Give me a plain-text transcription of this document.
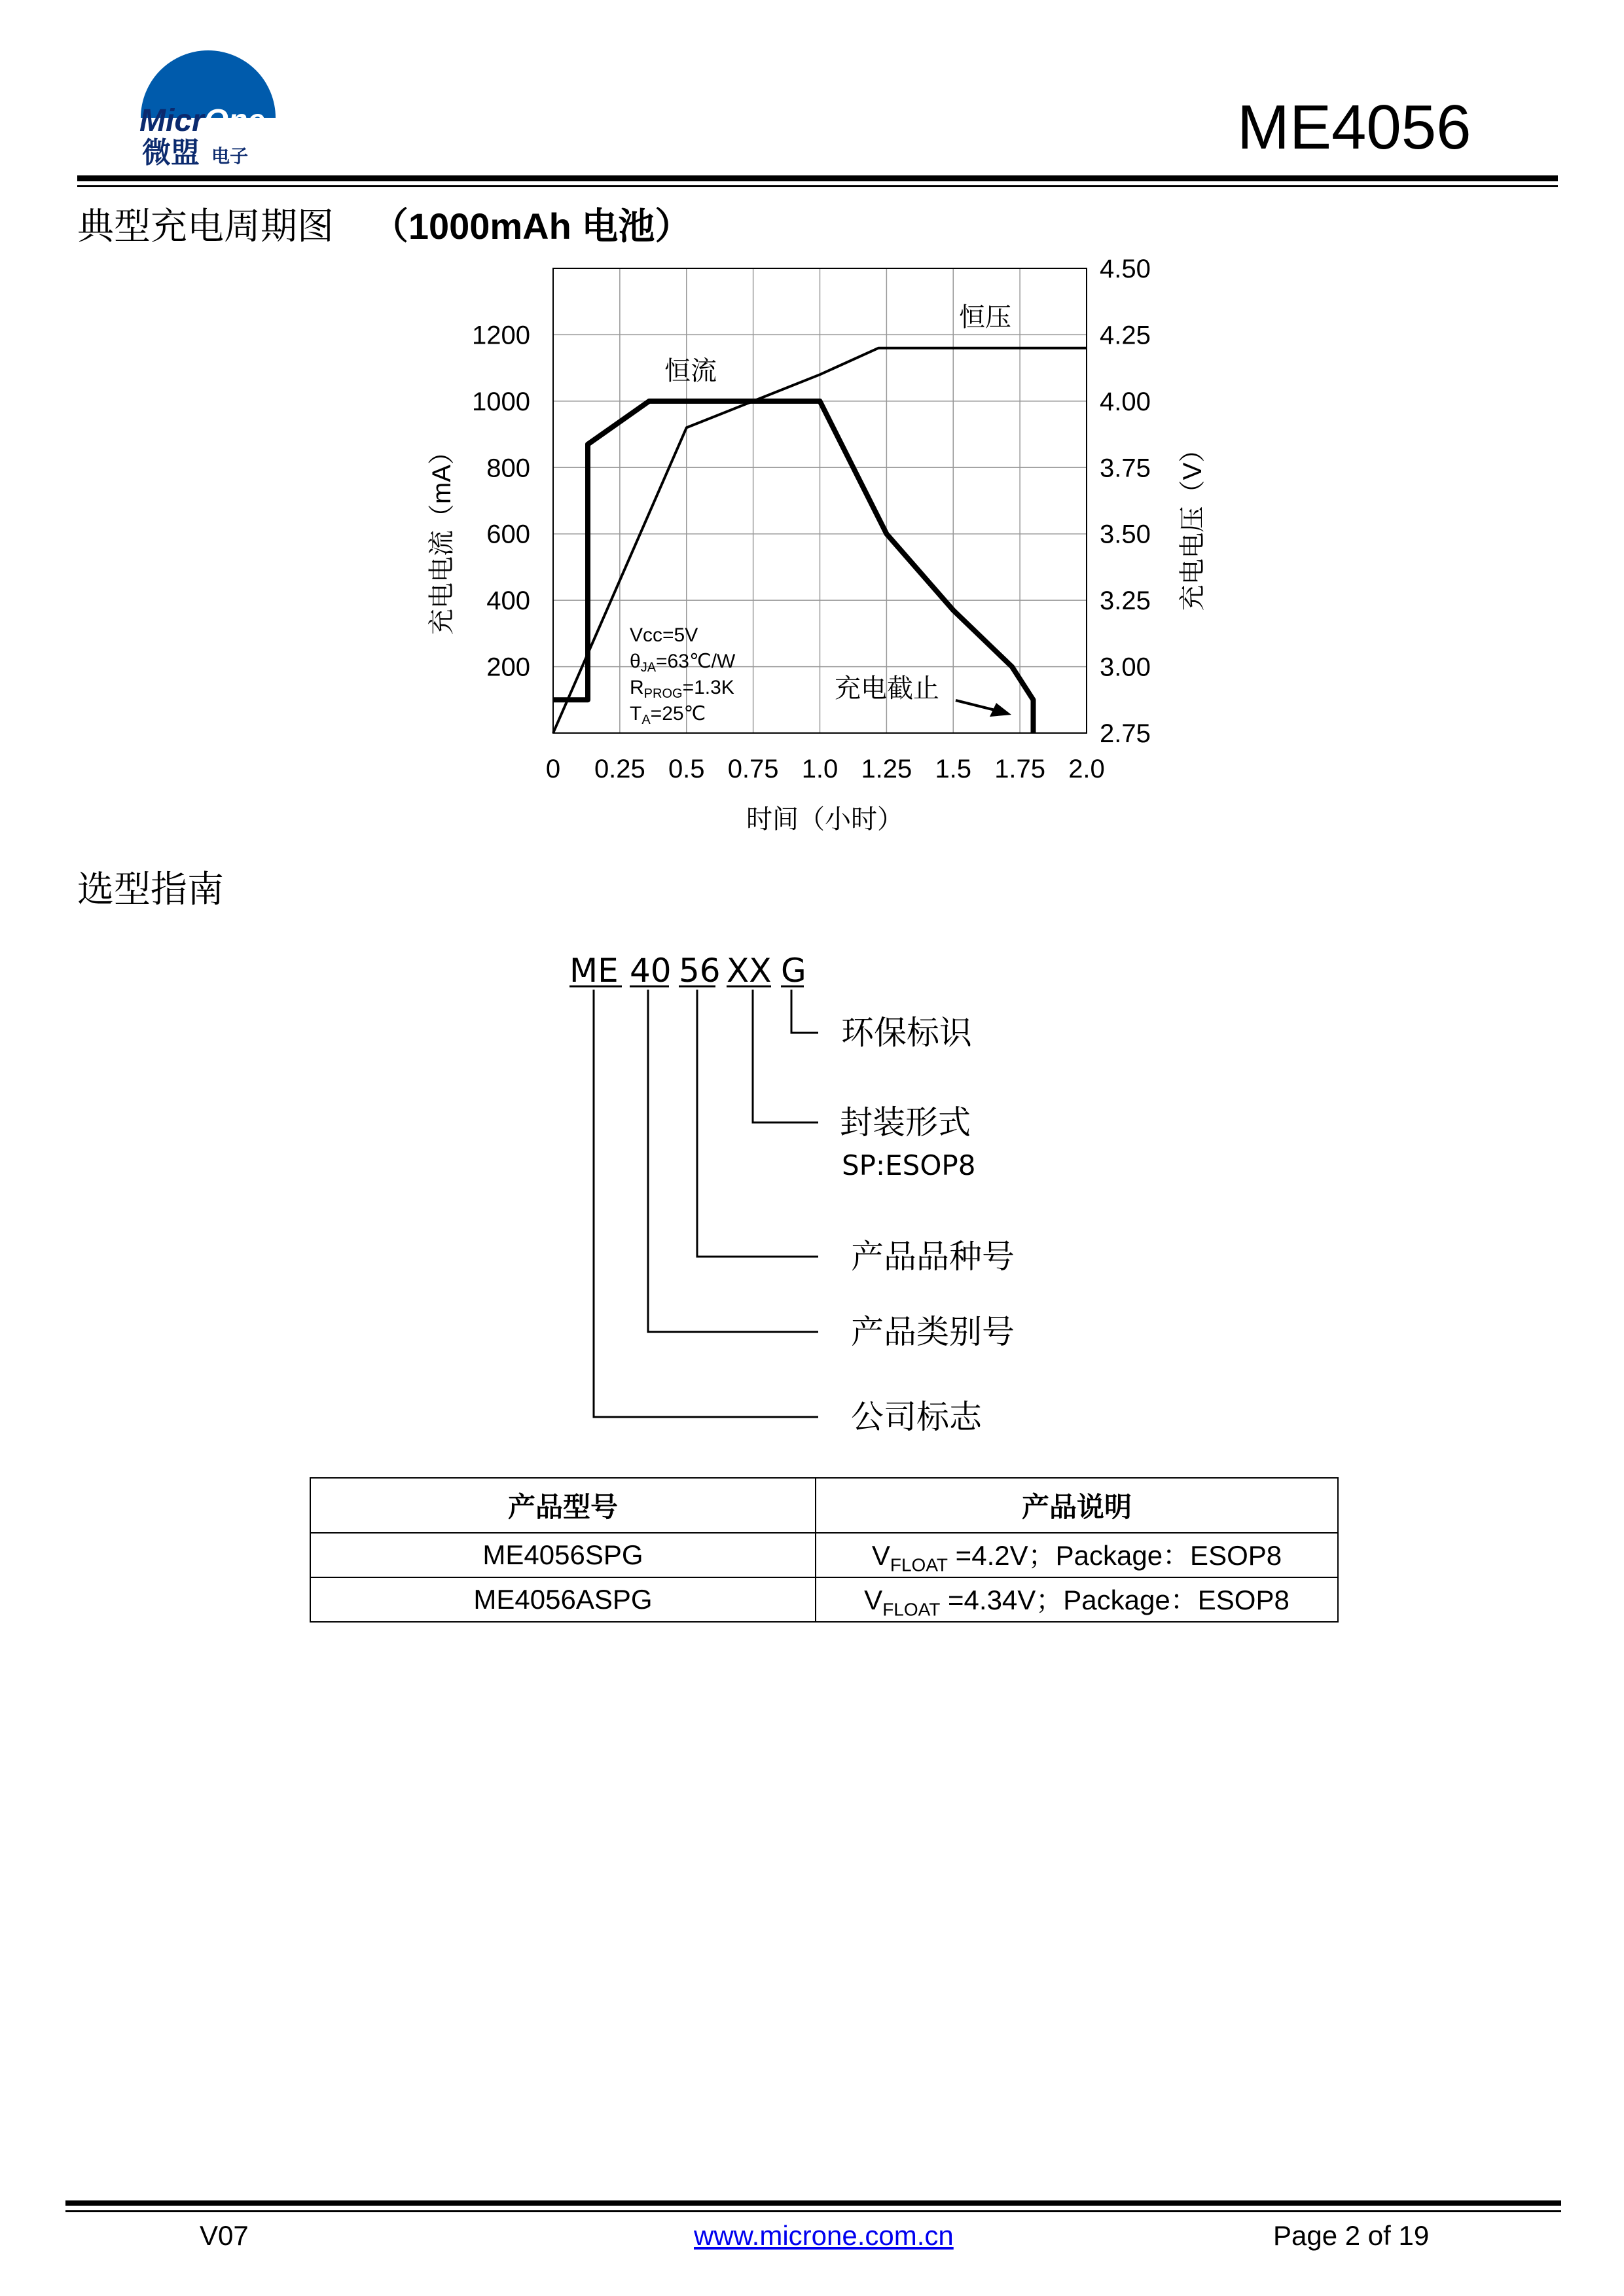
MicrOne
微盟 电子	ME4056
典型充电周期图 （1000mAh 电池）
0 0.25 0.5 0.75 1.0 1.25 1.5 1.75 2.0
200
400
600
800
1000
1200
2.75
3.00
3.25
3.50
3.75
4.00
4.25
4.50
时间（小时）
充电电流（mA）	充电电压（V）
恒流
恒压
充电截止
Vcc=5V
$\theta_{JA}=63℃/W$
$R_{PROG}=1.3K$
$T_A=25℃$
选型指南
ME 40 56 XX G
环保标识
封装形式
SP:ESOP8
产品品种号
产品类别号
公司标志
产品型号	产品说明
ME4056SPG	$V_{FLOAT} =4.2V$；Package：ESOP8
ME4056ASPG	$V_{FLOAT} =4.34V$；Package：ESOP8
V07	www.microne.com.cn	Page 2 of 19
